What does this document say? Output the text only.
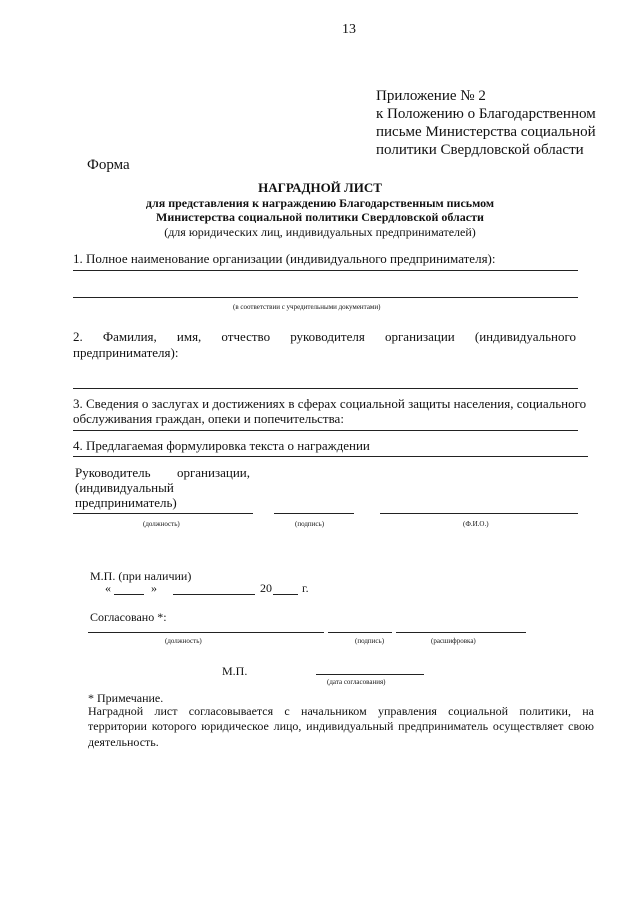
13
Приложение № 2
к Положению о Благодарственном
письме Министерства социальной
политики Свердловской области
Форма
НАГРАДНОЙ ЛИСТ
для представления к награждению Благодарственным письмом
Министерства социальной политики Свердловской области
(для юридических лиц, индивидуальных предпринимателей)
1. Полное наименование организации (индивидуального предпринимателя):
(в соответствии с учредительными документами)
2. Фамилия, имя, отчество руководителя организации (индивидуального
предпринимателя):
3. Сведения о заслугах и достижениях в сферах социальной защиты населения, социального
обслуживания граждан, опеки и попечительства:
4. Предлагаемая формулировка текста о награждении
Руководитель организации,
(индивидуальный
предприниматель)
(должность)	(подпись)	(Ф.И.О.)
М.П. (при наличии)
«	»	20	г.
Согласовано *:
(должность)	(подпись)	(расшифровка)
М.П.
(дата согласования)
* Примечание.
Наградной лист согласовывается с начальником управления социальной политики, на
территории которого юридическое лицо, индивидуальный предприниматель осуществляет свою
деятельность.
